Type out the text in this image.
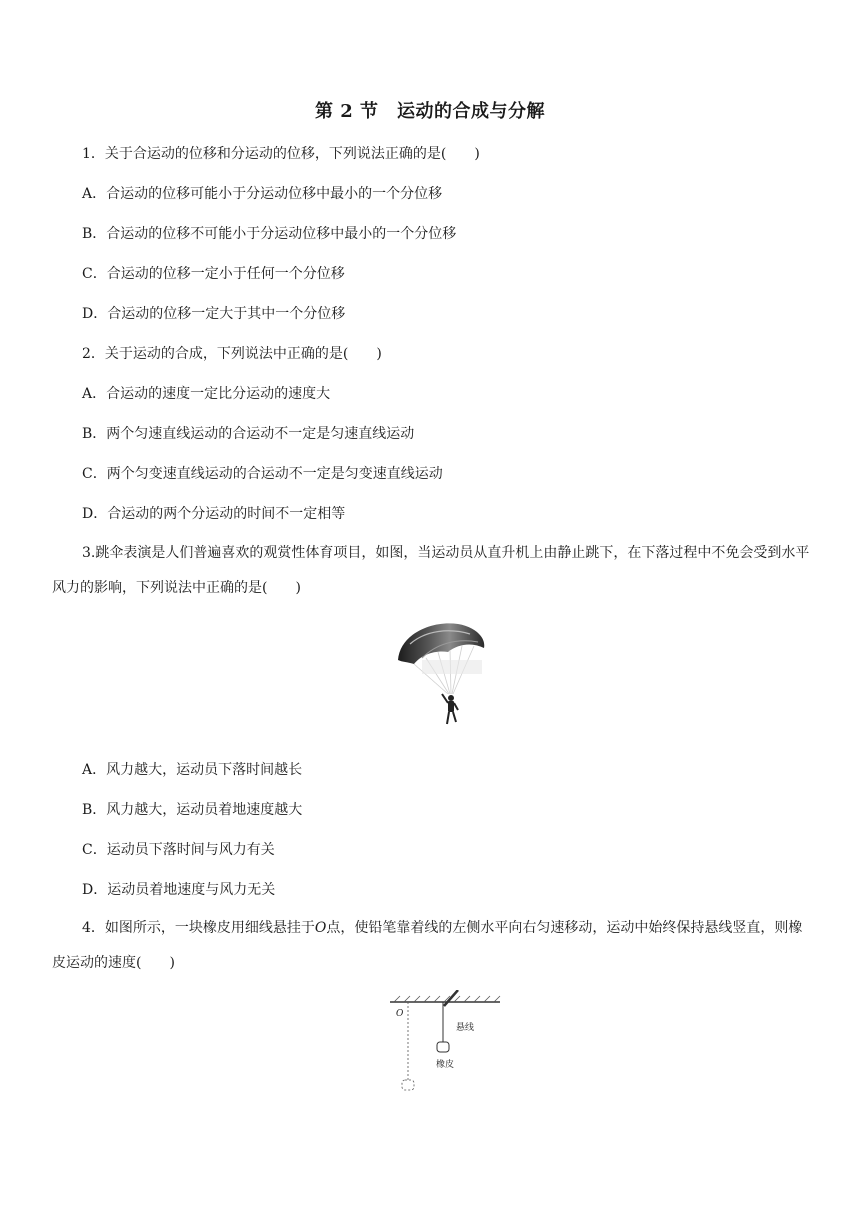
第 2 节　运动的合成与分解
1．关于合运动的位移和分运动的位移，下列说法正确的是(　　)
A．合运动的位移可能小于分运动位移中最小的一个分位移
B．合运动的位移不可能小于分运动位移中最小的一个分位移
C．合运动的位移一定小于任何一个分位移
D．合运动的位移一定大于其中一个分位移
2．关于运动的合成，下列说法中正确的是(　　)
A．合运动的速度一定比分运动的速度大
B．两个匀速直线运动的合运动不一定是匀速直线运动
C．两个匀变速直线运动的合运动不一定是匀变速直线运动
D．合运动的两个分运动的时间不一定相等
3.跳伞表演是人们普遍喜欢的观赏性体育项目，如图，当运动员从直升机上由静止跳下，在下落过程中不免会受到水平风力的影响，下列说法中正确的是(　　)
A．风力越大，运动员下落时间越长
B．风力越大，运动员着地速度越大
C．运动员下落时间与风力有关
D．运动员着地速度与风力无关
4．如图所示，一块橡皮用细线悬挂于O点，使铅笔靠着线的左侧水平向右匀速移动，运动中始终保持悬线竖直，则橡皮运动的速度(　　)
O
悬线
橡皮
